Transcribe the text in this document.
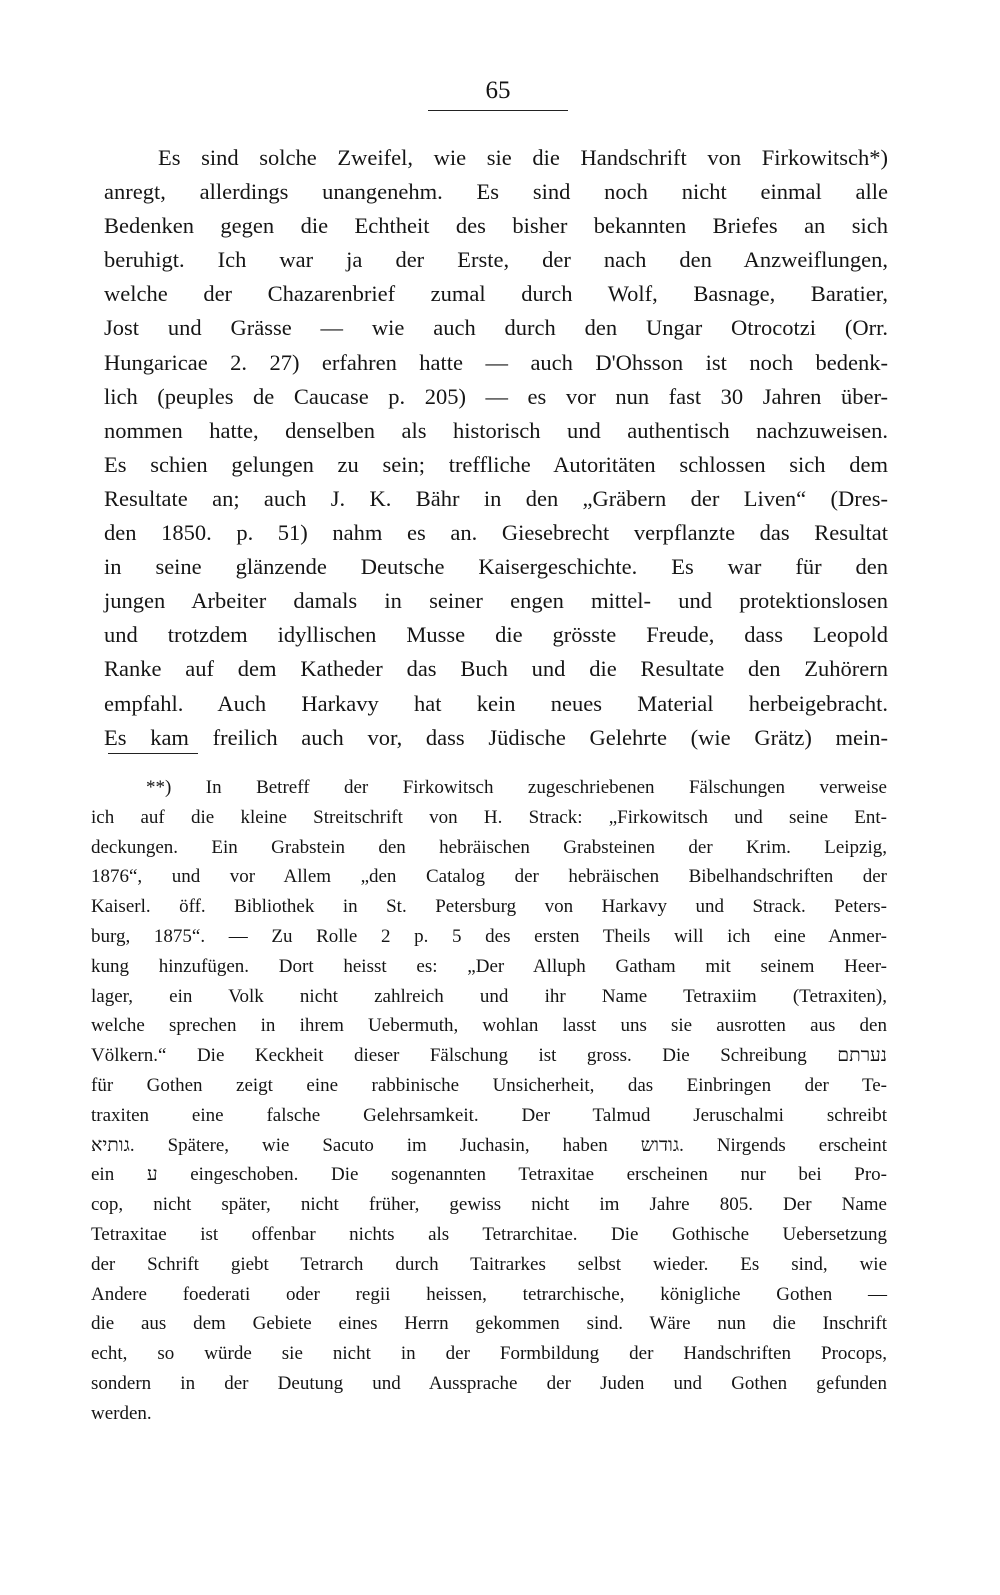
65
Es sind solche Zweifel, wie sie die Handschrift von Firkowitsch*)
anregt, allerdings unangenehm. Es sind noch nicht einmal alle
Bedenken gegen die Echtheit des bisher bekannten Briefes an sich
beruhigt. Ich war ja der Erste, der nach den Anzweiflungen,
welche der Chazarenbrief zumal durch Wolf, Basnage, Baratier,
Jost und Grässe — wie auch durch den Ungar Otrocotzi (Orr.
Hungaricae 2. 27) erfahren hatte — auch D'Ohsson ist noch bedenk-
lich (peuples de Caucase p. 205) — es vor nun fast 30 Jahren über-
nommen hatte, denselben als historisch und authentisch nachzuweisen.
Es schien gelungen zu sein; treffliche Autoritäten schlossen sich dem
Resultate an; auch J. K. Bähr in den „Gräbern der Liven“ (Dres-
den 1850. p. 51) nahm es an. Giesebrecht verpflanzte das Resultat
in seine glänzende Deutsche Kaisergeschichte. Es war für den
jungen Arbeiter damals in seiner engen mittel- und protektionslosen
und trotzdem idyllischen Musse die grösste Freude, dass Leopold
Ranke auf dem Katheder das Buch und die Resultate den Zuhörern
empfahl. Auch Harkavy hat kein neues Material herbeigebracht.
Es kam freilich auch vor, dass Jüdische Gelehrte (wie Grätz) mein-
**) In Betreff der Firkowitsch zugeschriebenen Fälschungen verweise
ich auf die kleine Streitschrift von H. Strack: „Firkowitsch und seine Ent-
deckungen. Ein Grabstein den hebräischen Grabsteinen der Krim. Leipzig,
1876“, und vor Allem „den Catalog der hebräischen Bibelhandschriften der
Kaiserl. öff. Bibliothek in St. Petersburg von Harkavy und Strack. Peters-
burg, 1875“. — Zu Rolle 2 p. 5 des ersten Theils will ich eine Anmer-
kung hinzufügen. Dort heisst es: „Der Alluph Gatham mit seinem Heer-
lager, ein Volk nicht zahlreich und ihr Name Tetraxiim (Tetraxiten),
welche sprechen in ihrem Uebermuth, wohlan lasst uns sie ausrotten aus den
Völkern.“ Die Keckheit dieser Fälschung ist gross. Die Schreibung נערתם
für Gothen zeigt eine rabbinische Unsicherheit, das Einbringen der Te-
traxiten eine falsche Gelehrsamkeit. Der Talmud Jeruschalmi schreibt
גותיא. Spätere, wie Sacuto im Juchasin, haben גודוש. Nirgends erscheint
ein ע eingeschoben. Die sogenannten Tetraxitae erscheinen nur bei Pro-
cop, nicht später, nicht früher, gewiss nicht im Jahre 805. Der Name
Tetraxitae ist offenbar nichts als Tetrarchitae. Die Gothische Uebersetzung
der Schrift giebt Tetrarch durch Taitrarkes selbst wieder. Es sind, wie
Andere foederati oder regii heissen, tetrarchische, königliche Gothen —
die aus dem Gebiete eines Herrn gekommen sind. Wäre nun die Inschrift
echt, so würde sie nicht in der Formbildung der Handschriften Procops,
sondern in der Deutung und Aussprache der Juden und Gothen gefunden
werden.
